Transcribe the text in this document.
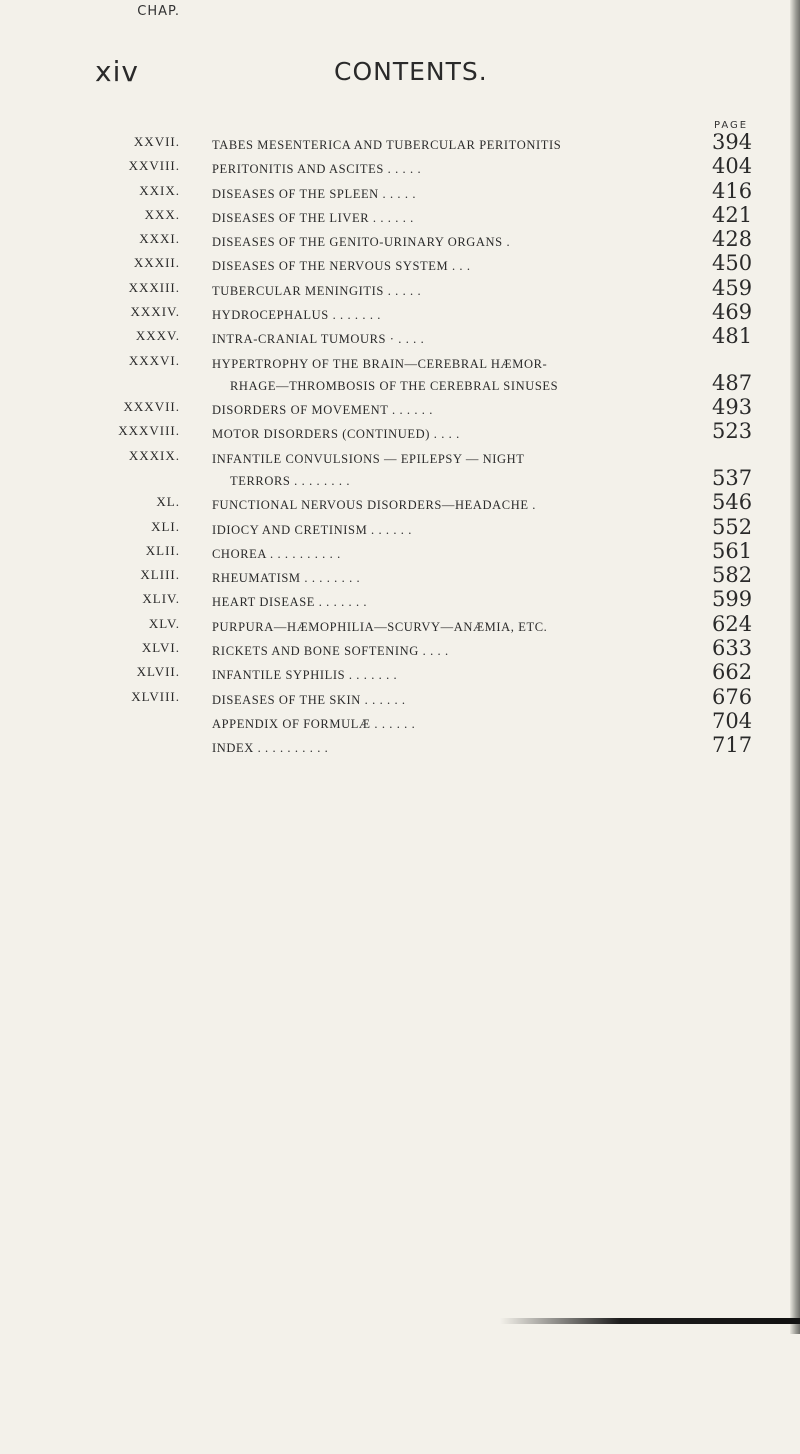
xiv	CONTENTS.
CHAP.
PAGE
XXVII.	TABES MESENTERICA AND TUBERCULAR PERITONITIS	394
XXVIII.	PERITONITIS AND ASCITES . . . . .	404
XXIX.	DISEASES OF THE SPLEEN . . . . .	416
XXX.	DISEASES OF THE LIVER . . . . . .	421
XXXI.	DISEASES OF THE GENITO-URINARY ORGANS .	428
XXXII.	DISEASES OF THE NERVOUS SYSTEM . . .	450
XXXIII.	TUBERCULAR MENINGITIS . . . . .	459
XXXIV.	HYDROCEPHALUS . . . . . . .	469
XXXV.	INTRA-CRANIAL TUMOURS · . . . .	481
XXXVI.	HYPERTROPHY OF THE BRAIN—CEREBRAL HÆMOR-
RHAGE—THROMBOSIS OF THE CEREBRAL SINUSES	487
XXXVII.	DISORDERS OF MOVEMENT . . . . . .	493
XXXVIII.	MOTOR DISORDERS (CONTINUED) . . . .	523
XXXIX.	INFANTILE CONVULSIONS — EPILEPSY — NIGHT
TERRORS . . . . . . . .	537
XL.	FUNCTIONAL NERVOUS DISORDERS—HEADACHE .	546
XLI.	IDIOCY AND CRETINISM . . . . . .	552
XLII.	CHOREA . . . . . . . . . .	561
XLIII.	RHEUMATISM . . . . . . . .	582
XLIV.	HEART DISEASE . . . . . . .	599
XLV.	PURPURA—HÆMOPHILIA—SCURVY—ANÆMIA, ETC.	624
XLVI.	RICKETS AND BONE SOFTENING . . . .	633
XLVII.	INFANTILE SYPHILIS . . . . . . .	662
XLVIII.	DISEASES OF THE SKIN . . . . . .	676
APPENDIX OF FORMULÆ . . . . . .	704
INDEX . . . . . . . . . .	717
